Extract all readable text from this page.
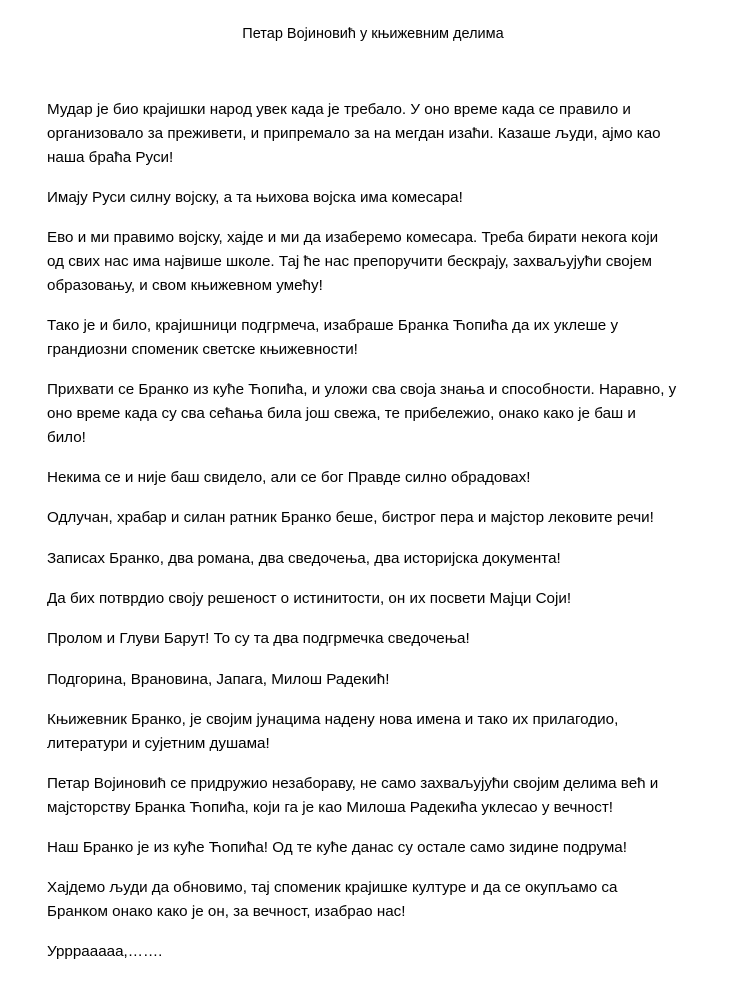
Петар Војиновић у књижевним делима

Мудар је био крајишки народ увек када је требало. У оно време када се правило и
организовало за преживети, и припремало за на мегдан изаћи. Казаше људи, ајмо као
наша браћа Руси!

Имају Руси силну војску, а та њихова војска има комесара!

Ево и ми правимо војску, хајде и ми да изаберемо комесара. Треба бирати некога који
од свих нас има највише школе. Тај ће нас препоручити бескрају, захваљујући својем
образовању, и свом књижевном умећу!

Тако је и било, крајишници подгрмеча, изабраше Бранка Ћопића да их уклеше у
грандиозни споменик светске књижевности!

Прихвати се Бранко из куће Ћопића, и уложи сва своја знања и способности. Наравно, у
оно време када су сва сећања била још свежа, те прибележио, онако како је баш и
било!

Некима се и није баш свидело, али се бог Правде силно обрадовах!

Одлучан, храбар и силан ратник Бранко беше, бистрог пера и мајстор лековите речи!

Записах Бранко, два романа, два сведочења, два историјска документа!

Да бих потврдио своју решеност о истинитости, он их посвети Мајци Соји!

Пролом и Глуви Барут! То су та два подгрмечка сведочења!

Подгорина, Врановина, Јапага, Милош Радекић!

Књижевник Бранко, је својим јунацима надену нова имена и тако их прилагодио,
литератури и сујетним душама!

Петар Војиновић се придружио незаборaву, не само захваљујући својим делима већ и
мајсторству Бранка Ћопића, који га је као Милоша Радекића уклесао у вечност!

Наш Бранко је из куће Ћопића! Од те куће данас су остале само зидине подрума!

Хајдемо људи да обновимо, тај споменик крајишке културе и да се окупљамо са
Бранком онако како је он, за вечност, изабрао нас!

Урррааааа,…….
